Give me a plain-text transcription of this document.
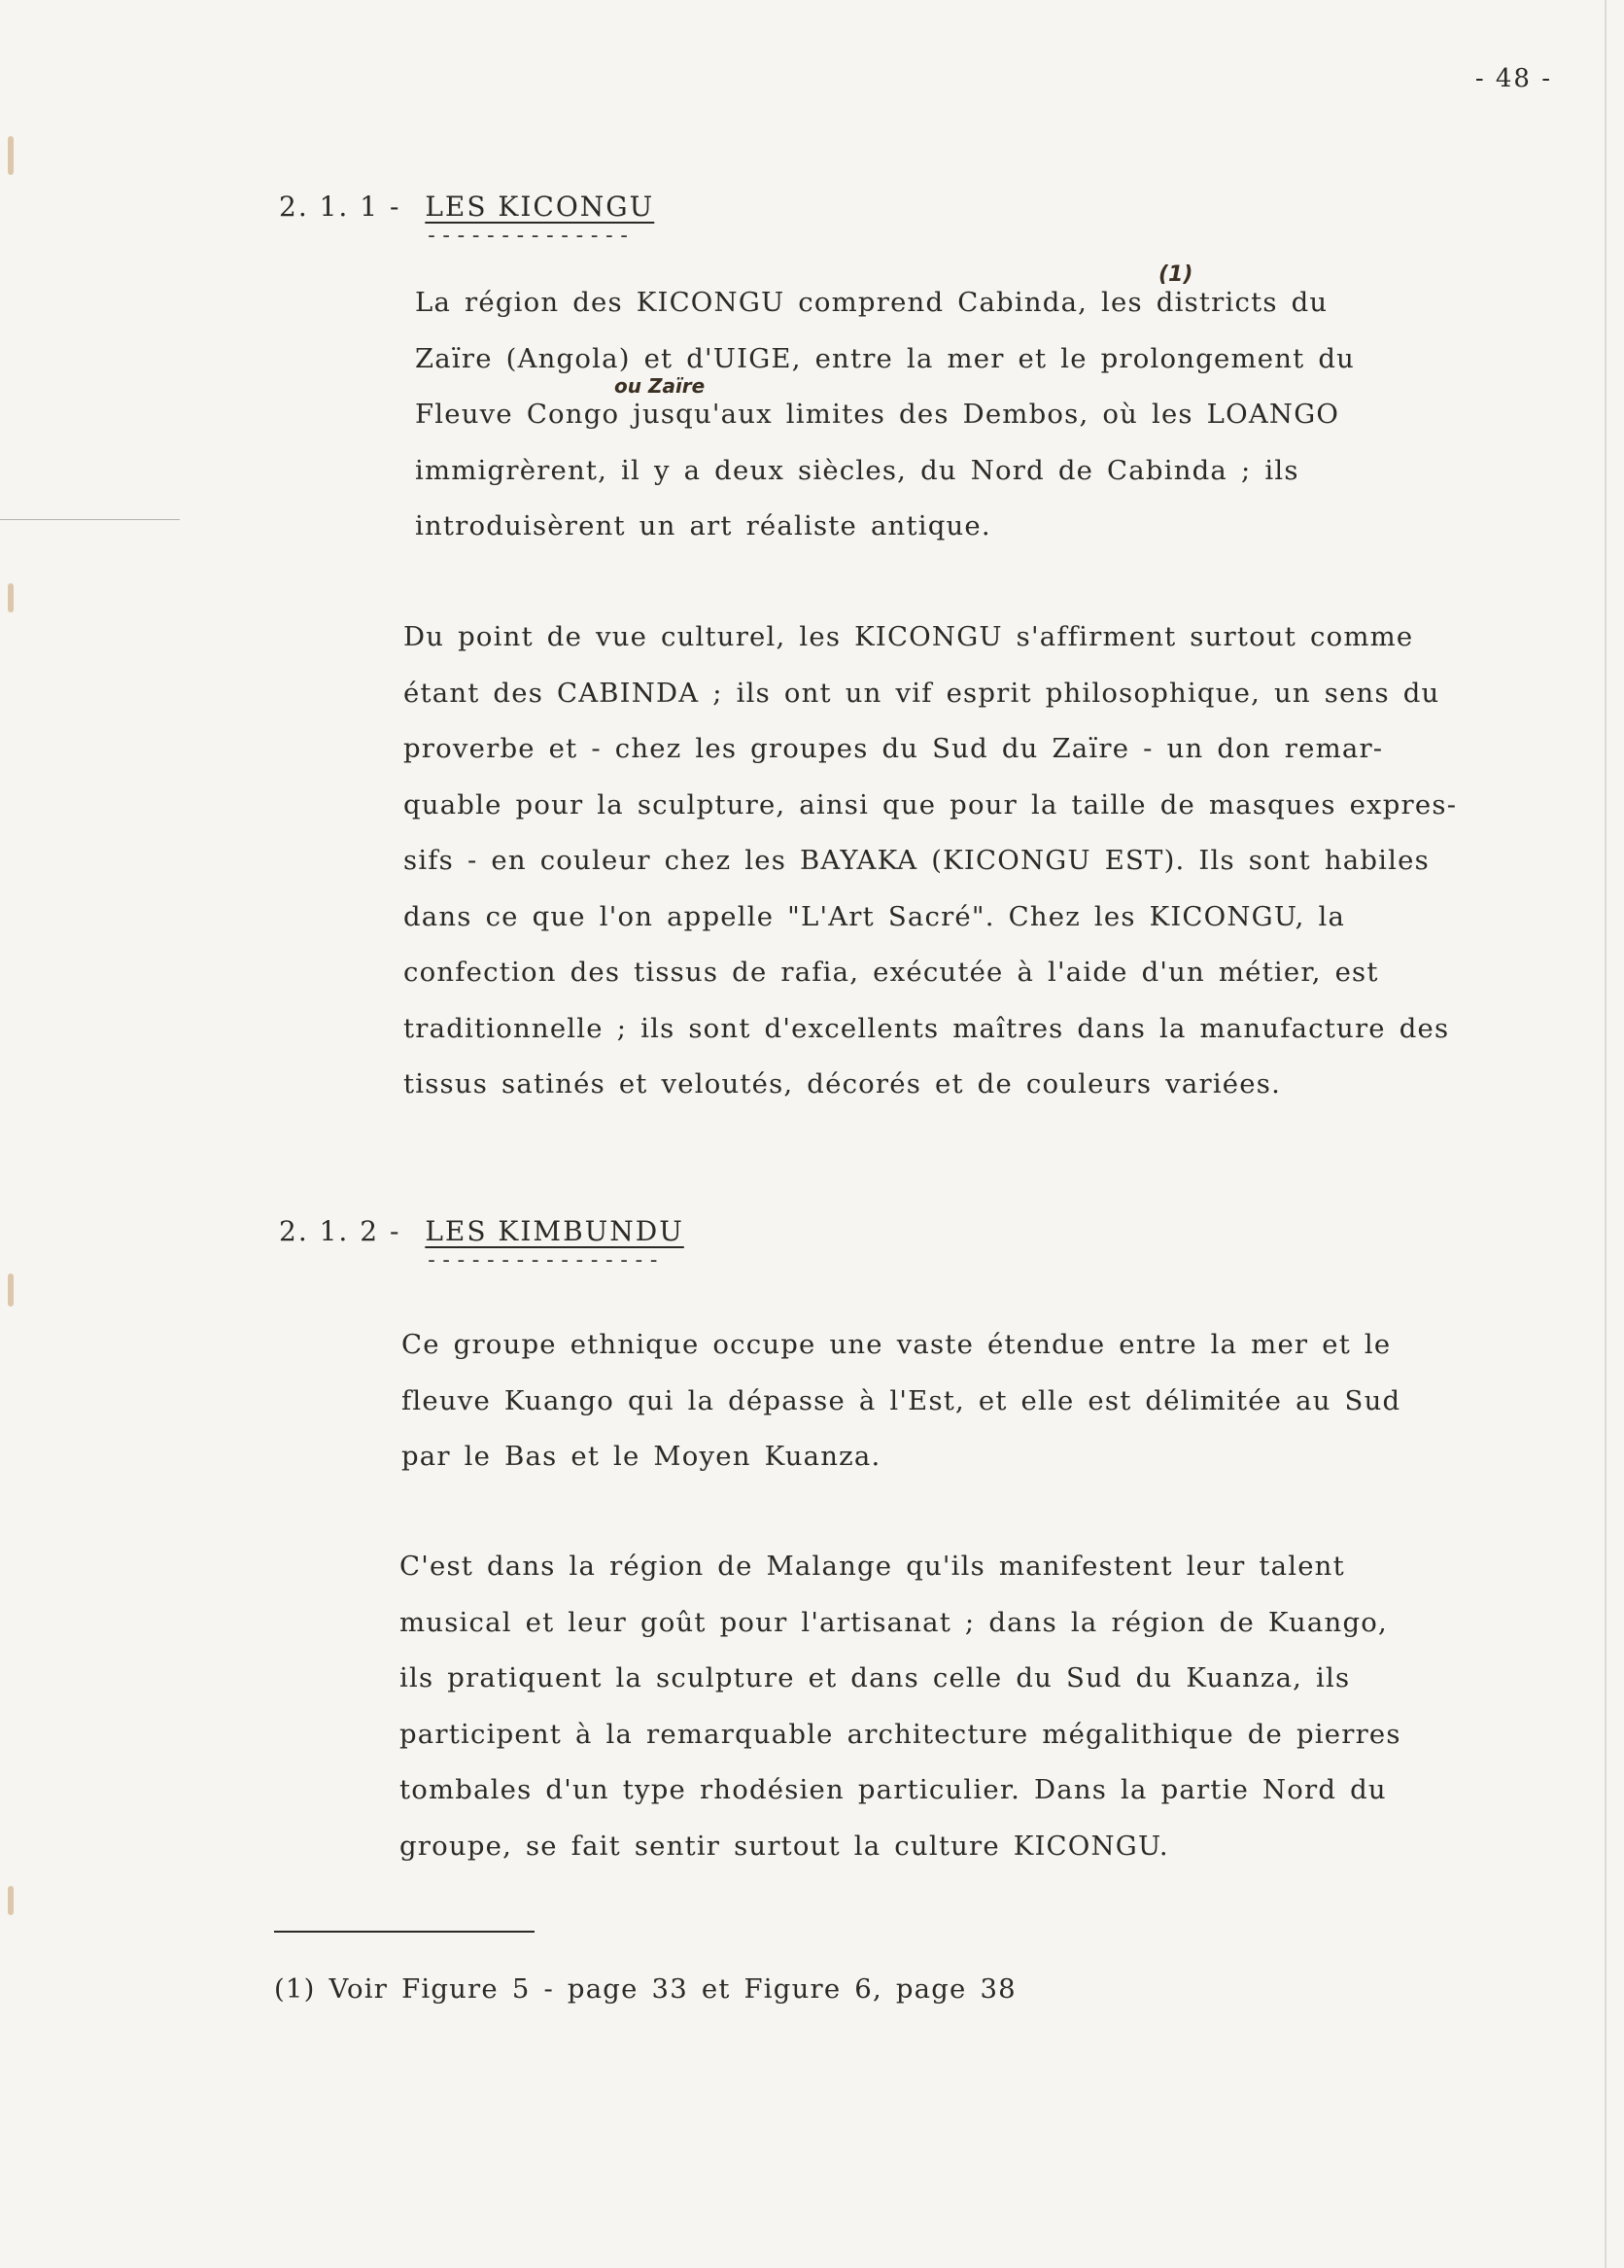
- 48 -
2. 1. 1 - LES KICONGU
--------------
(1)
ou Zaïre

La région des KICONGU comprend Cabinda, les districts du
Zaïre (Angola) et d'UIGE, entre la mer et le prolongement du
Fleuve Congo jusqu'aux limites des Dembos, où les LOANGO
immigrèrent, il y a deux siècles, du Nord de Cabinda ; ils
introduisèrent un art réaliste antique.

Du point de vue culturel, les KICONGU s'affirment surtout comme
étant des CABINDA ; ils ont un vif esprit philosophique, un sens du
proverbe et - chez les groupes du Sud du Zaïre - un don remar-
quable pour la sculpture, ainsi que pour la taille de masques expres-
sifs - en couleur chez les BAYAKA (KICONGU EST). Ils sont habiles
dans ce que l'on appelle "L'Art Sacré". Chez les KICONGU, la
confection des tissus de rafia, exécutée à l'aide d'un métier, est
traditionnelle ; ils sont d'excellents maîtres dans la manufacture des
tissus satinés et veloutés, décorés et de couleurs variées.

2. 1. 2 - LES KIMBUNDU
----------------

Ce groupe ethnique occupe une vaste étendue entre la mer et le
fleuve Kuango qui la dépasse à l'Est, et elle est délimitée au Sud
par le Bas et le Moyen Kuanza.

C'est dans la région de Malange qu'ils manifestent leur talent
musical et leur goût pour l'artisanat ; dans la région de Kuango,
ils pratiquent la sculpture et dans celle du Sud du Kuanza, ils
participent à la remarquable architecture mégalithique de pierres
tombales d'un type rhodésien particulier. Dans la partie Nord du
groupe, se fait sentir surtout la culture KICONGU.

(1) Voir Figure 5 - page 33 et Figure 6, page 38
